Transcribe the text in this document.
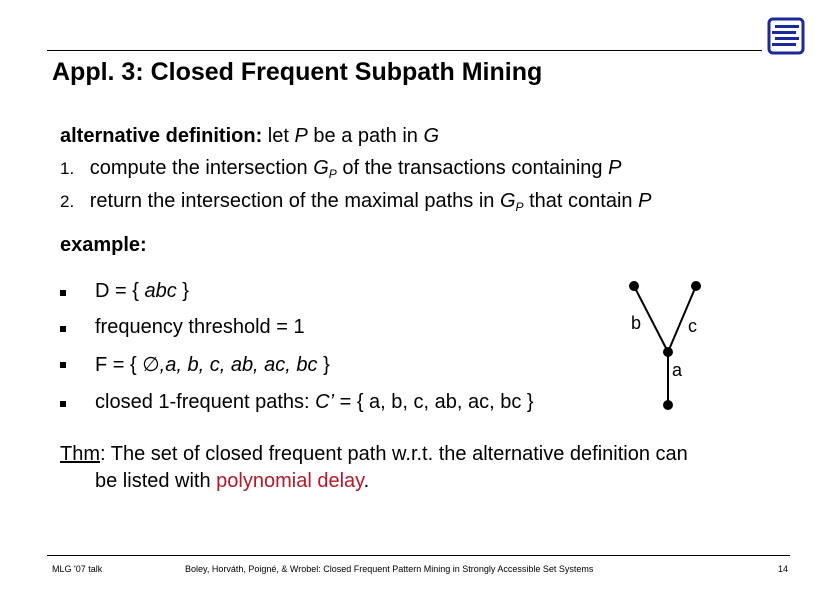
Appl. 3: Closed Frequent Subpath Mining
alternative definition: let P be a path in G
1. compute the intersection $G_P$ of the transactions containing P
2. return the intersection of the maximal paths in $G_P$ that contain P
example:
D = { abc }
frequency threshold = 1
F = { ∅,a, b, c, ab, ac, bc }
closed 1-frequent paths: C’ = { a, b, c, ab, ac, bc }
b	c
a
Thm: The set of closed frequent path w.r.t. the alternative definition can
be listed with polynomial delay.
MLG '07 talk	Boley, Horváth, Poigné, & Wrobel: Closed Frequent Pattern Mining in Strongly Accessible Set Systems	14
